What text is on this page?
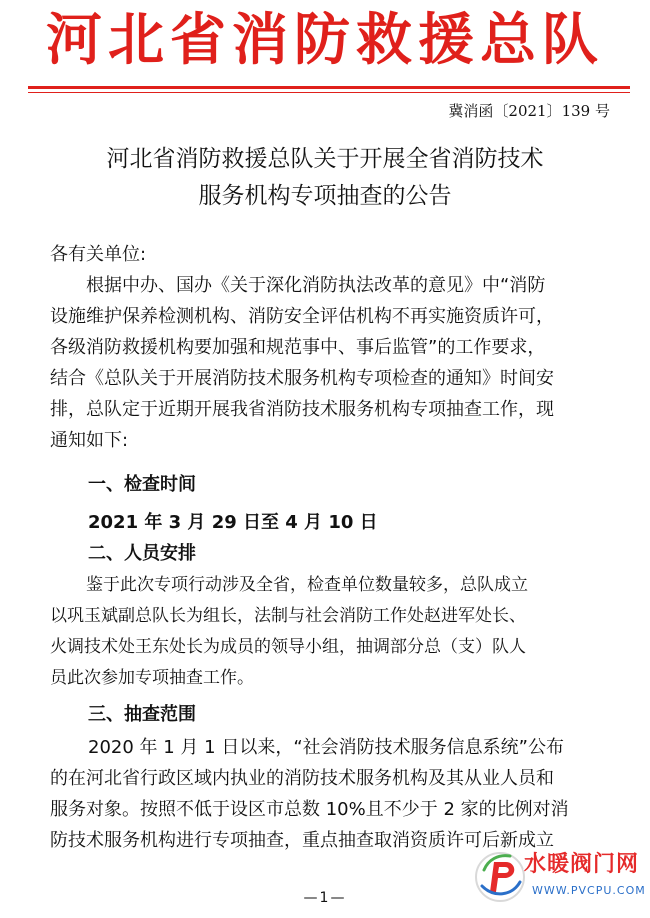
河北省消防救援总队
冀消函〔2021〕139 号
河北省消防救援总队关于开展全省消防技术
服务机构专项抽查的公告
各有关单位:
根据中办、国办《关于深化消防执法改革的意见》中“消防
设施维护保养检测机构、消防安全评估机构不再实施资质许可，
各级消防救援机构要加强和规范事中、事后监管”的工作要求，
结合《总队关于开展消防技术服务机构专项检查的通知》时间安
排，总队定于近期开展我省消防技术服务机构专项抽查工作，现
通知如下:
一、检查时间
2021 年 3 月 29 日至 4 月 10 日
二、人员安排
鉴于此次专项行动涉及全省，检查单位数量较多，总队成立
以巩玉斌副总队长为组长，法制与社会消防工作处赵进军处长、
火调技术处王东处长为成员的领导小组，抽调部分总（支）队人
员此次参加专项抽查工作。
三、抽查范围
2020 年 1 月 1 日以来，“社会消防技术服务信息系统”公布
的在河北省行政区域内执业的消防技术服务机构及其从业人员和
服务对象。按照不低于设区市总数 10%且不少于 2 家的比例对消
防技术服务机构进行专项抽查，重点抽查取消资质许可后新成立
—1—
水暖阀门网
WWW.PVCPU.COM
